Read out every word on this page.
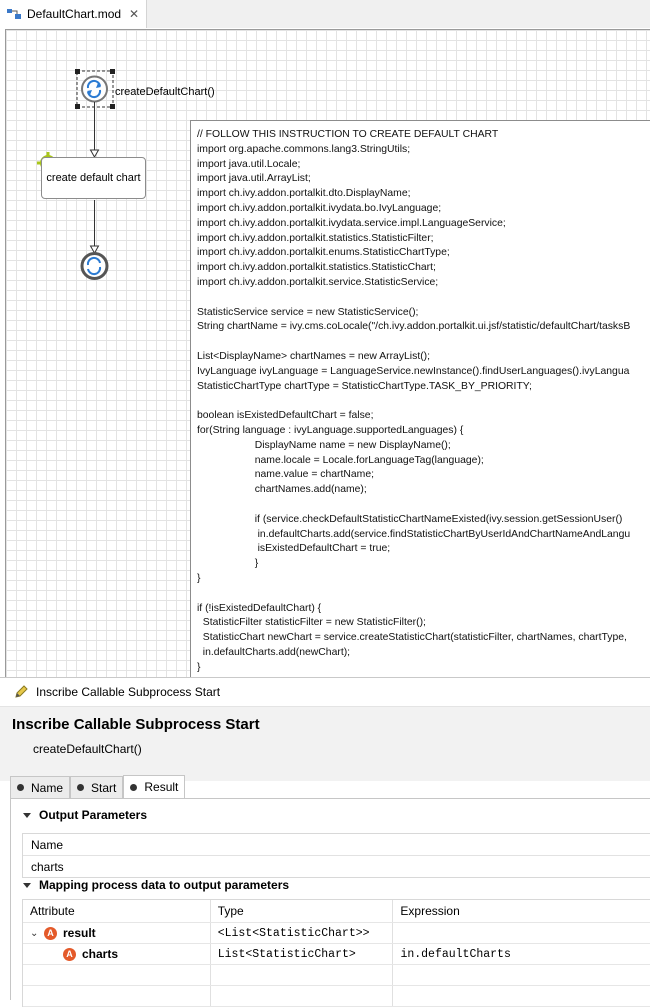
DefaultChart.mod ✕
createDefaultChart()
create default chart
// FOLLOW THIS INSTRUCTION TO CREATE DEFAULT CHART
import org.apache.commons.lang3.StringUtils;
import java.util.Locale;
import java.util.ArrayList;
import ch.ivy.addon.portalkit.dto.DisplayName;
import ch.ivy.addon.portalkit.ivydata.bo.IvyLanguage;
import ch.ivy.addon.portalkit.ivydata.service.impl.LanguageService;
import ch.ivy.addon.portalkit.statistics.StatisticFilter;
import ch.ivy.addon.portalkit.enums.StatisticChartType;
import ch.ivy.addon.portalkit.statistics.StatisticChart;
import ch.ivy.addon.portalkit.service.StatisticService;
StatisticService service = new StatisticService();
String chartName = ivy.cms.coLocale("/ch.ivy.addon.portalkit.ui.jsf/statistic/defaultChart/tasksB
List<DisplayName> chartNames = new ArrayList();
IvyLanguage ivyLanguage = LanguageService.newInstance().findUserLanguages().ivyLangua
StatisticChartType chartType = StatisticChartType.TASK_BY_PRIORITY;
boolean isExistedDefaultChart = false;
for(String language : ivyLanguage.supportedLanguages) {
DisplayName name = new DisplayName();
name.locale = Locale.forLanguageTag(language);
name.value = chartName;
chartNames.add(name);
if (service.checkDefaultStatisticChartNameExisted(ivy.session.getSessionUser()
in.defaultCharts.add(service.findStatisticChartByUserIdAndChartNameAndLangu
isExistedDefaultChart = true;
}
}
if (!isExistedDefaultChart) {
StatisticFilter statisticFilter = new StatisticFilter();
StatisticChart newChart = service.createStatisticChart(statisticFilter, chartNames, chartType,
in.defaultCharts.add(newChart);
}
Inscribe Callable Subprocess Start
Inscribe Callable Subprocess Start
createDefaultChart()
Name Start Result
Output Parameters
Name
charts
Mapping process data to output parameters
Attribute	Type	Expression
⌄ A result	<List<StatisticChart>>
A charts	List<StatisticChart>	in.defaultCharts
